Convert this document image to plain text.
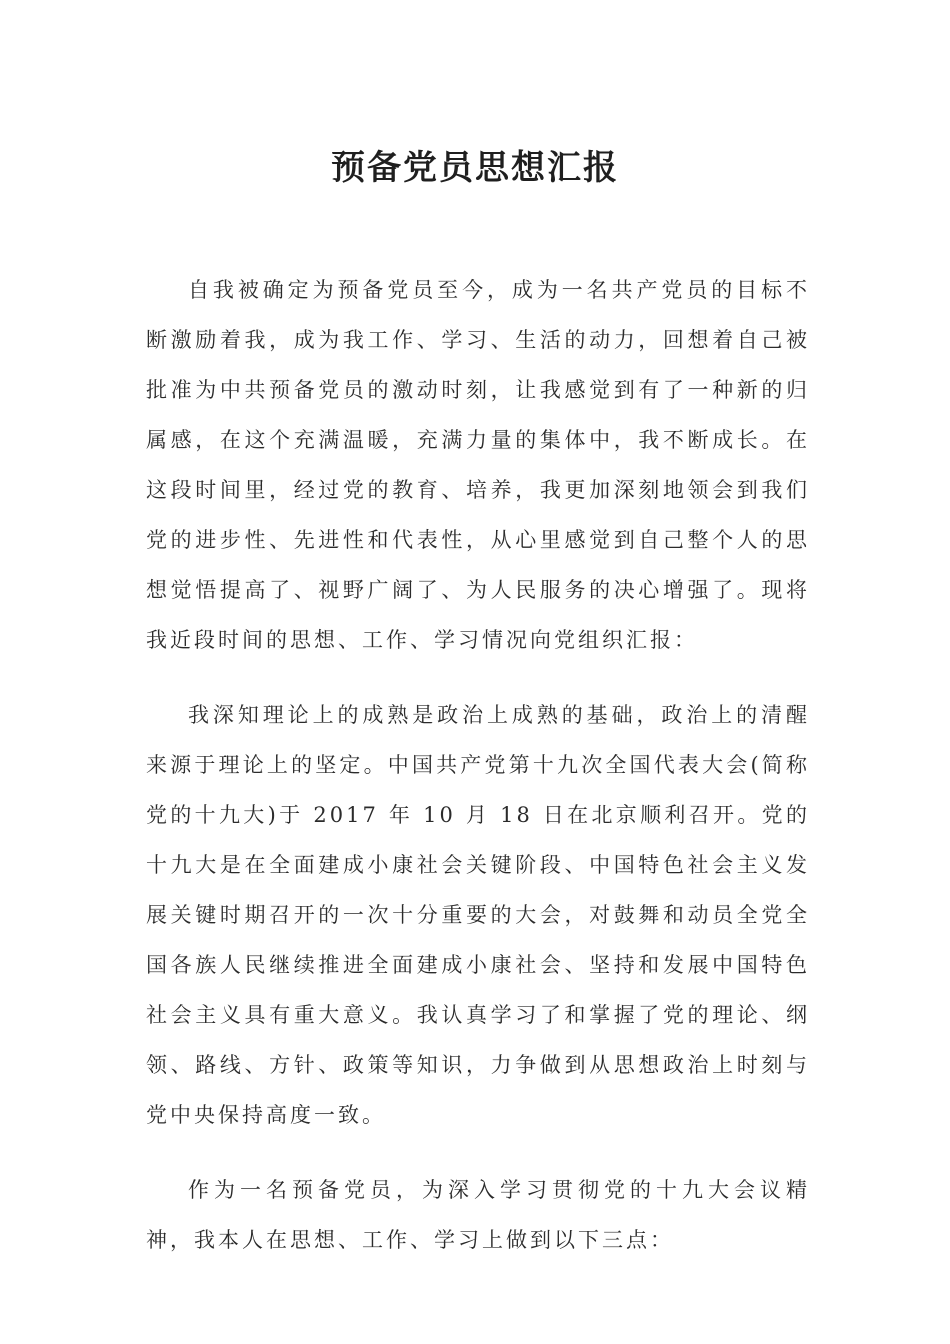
预备党员思想汇报

自我被确定为预备党员至今，成为一名共产党员的目标不断激励着我，成为我工作、学习、生活的动力，回想着自己被批准为中共预备党员的激动时刻，让我感觉到有了一种新的归属感，在这个充满温暖，充满力量的集体中，我不断成长。在这段时间里，经过党的教育、培养，我更加深刻地领会到我们党的进步性、先进性和代表性，从心里感觉到自己整个人的思想觉悟提高了、视野广阔了、为人民服务的决心增强了。现将我近段时间的思想、工作、学习情况向党组织汇报：

我深知理论上的成熟是政治上成熟的基础，政治上的清醒来源于理论上的坚定。中国共产党第十九次全国代表大会(简称党的十九大)于 2017 年 10 月 18 日在北京顺利召开。党的十九大是在全面建成小康社会关键阶段、中国特色社会主义发展关键时期召开的一次十分重要的大会，对鼓舞和动员全党全国各族人民继续推进全面建成小康社会、坚持和发展中国特色社会主义具有重大意义。我认真学习了和掌握了党的理论、纲领、路线、方针、政策等知识，力争做到从思想政治上时刻与党中央保持高度一致。

作为一名预备党员，为深入学习贯彻党的十九大会议精神，我本人在思想、工作、学习上做到以下三点：
